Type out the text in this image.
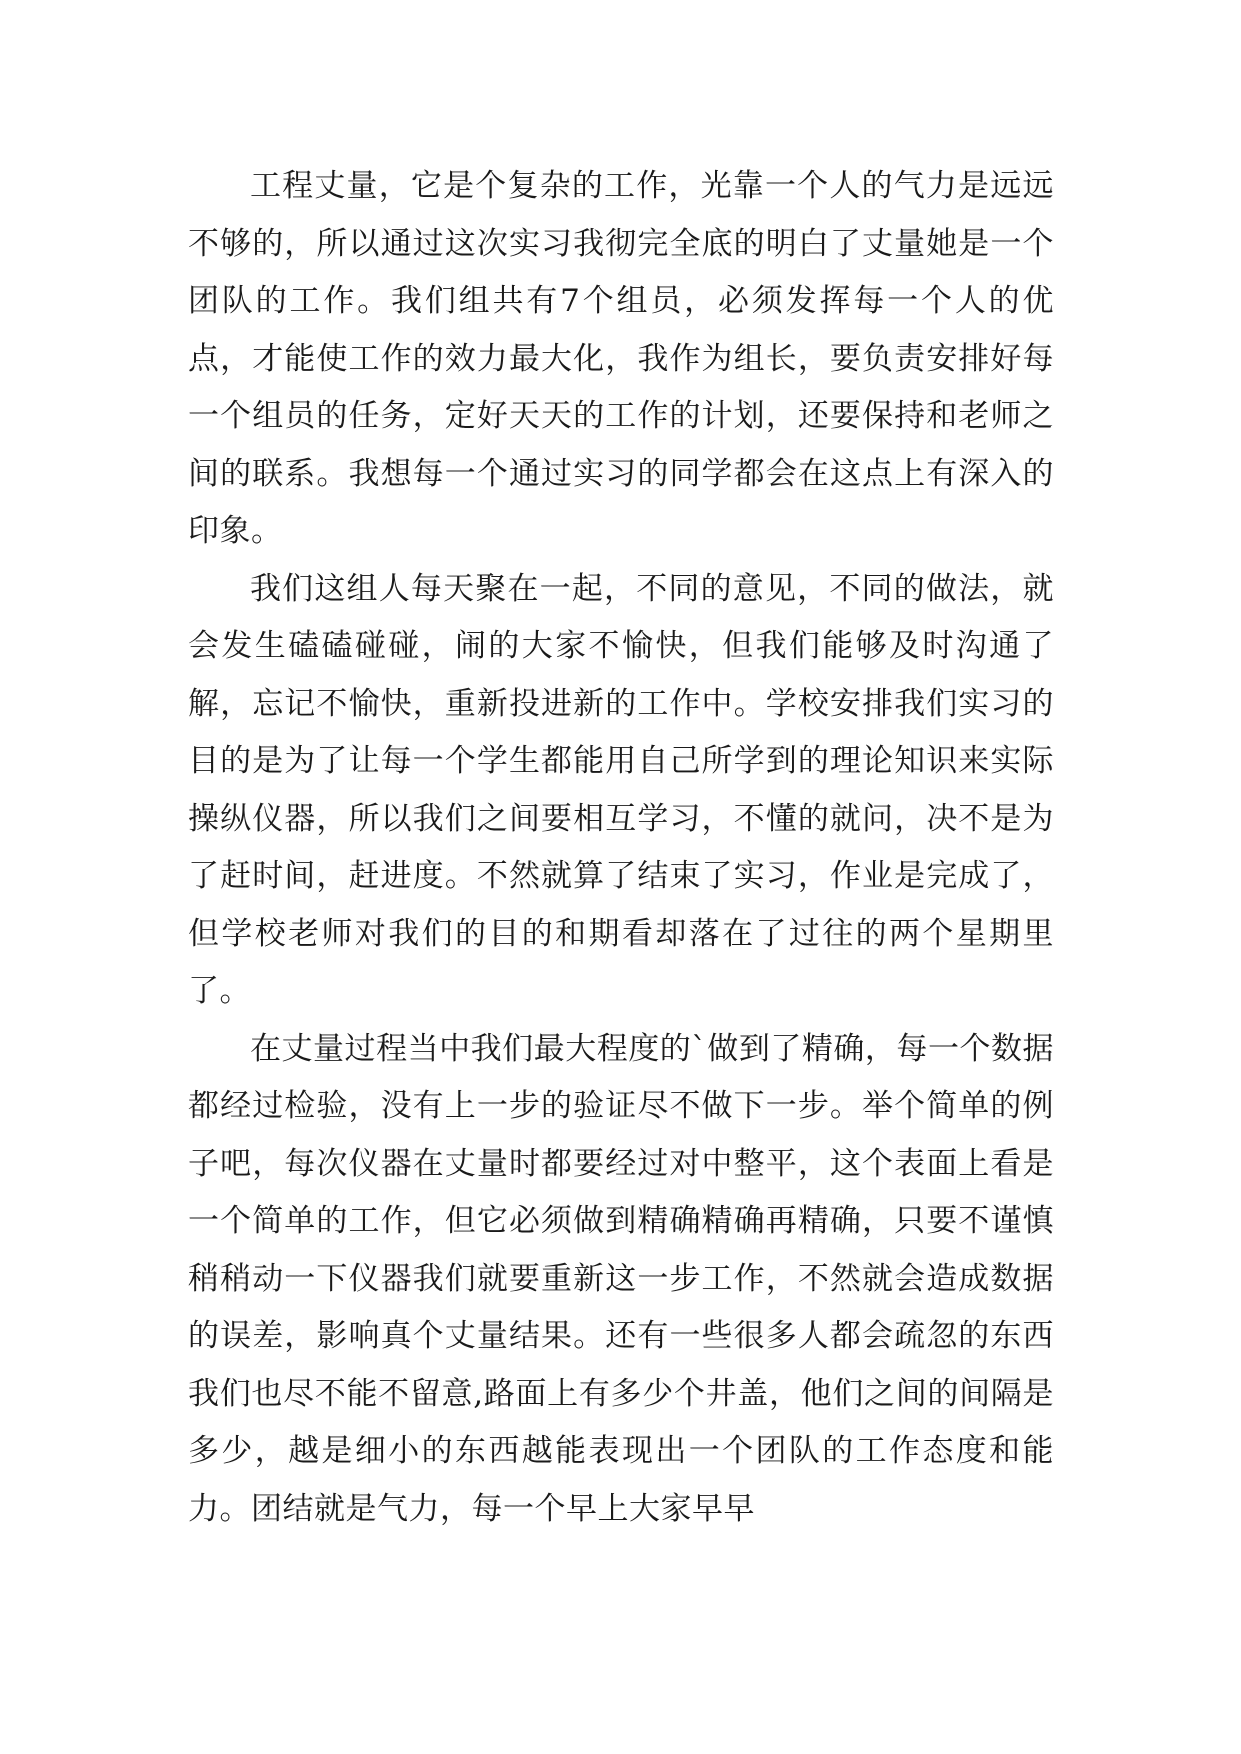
工程丈量，它是个复杂的工作，光靠一个人的气力是远远不够的，所以通过这次实习我彻完全底的明白了丈量她是一个团队的工作。我们组共有7个组员，必须发挥每一个人的优点，才能使工作的效力最大化，我作为组长，要负责安排好每一个组员的任务，定好天天的工作的计划，还要保持和老师之间的联系。我想每一个通过实习的同学都会在这点上有深入的印象。

我们这组人每天聚在一起，不同的意见，不同的做法，就会发生磕磕碰碰，闹的大家不愉快，但我们能够及时沟通了解，忘记不愉快，重新投进新的工作中。学校安排我们实习的目的是为了让每一个学生都能用自己所学到的理论知识来实际操纵仪器，所以我们之间要相互学习，不懂的就问，决不是为了赶时间，赶进度。不然就算了结束了实习，作业是完成了，但学校老师对我们的目的和期看却落在了过往的两个星期里了。

在丈量过程当中我们最大程度的`做到了精确，每一个数据都经过检验，没有上一步的验证尽不做下一步。举个简单的例子吧，每次仪器在丈量时都要经过对中整平，这个表面上看是一个简单的工作，但它必须做到精确精确再精确，只要不谨慎稍稍动一下仪器我们就要重新这一步工作，不然就会造成数据的误差，影响真个丈量结果。还有一些很多人都会疏忽的东西我们也尽不能不留意,路面上有多少个井盖，他们之间的间隔是多少，越是细小的东西越能表现出一个团队的工作态度和能力。团结就是气力，每一个早上大家早早
